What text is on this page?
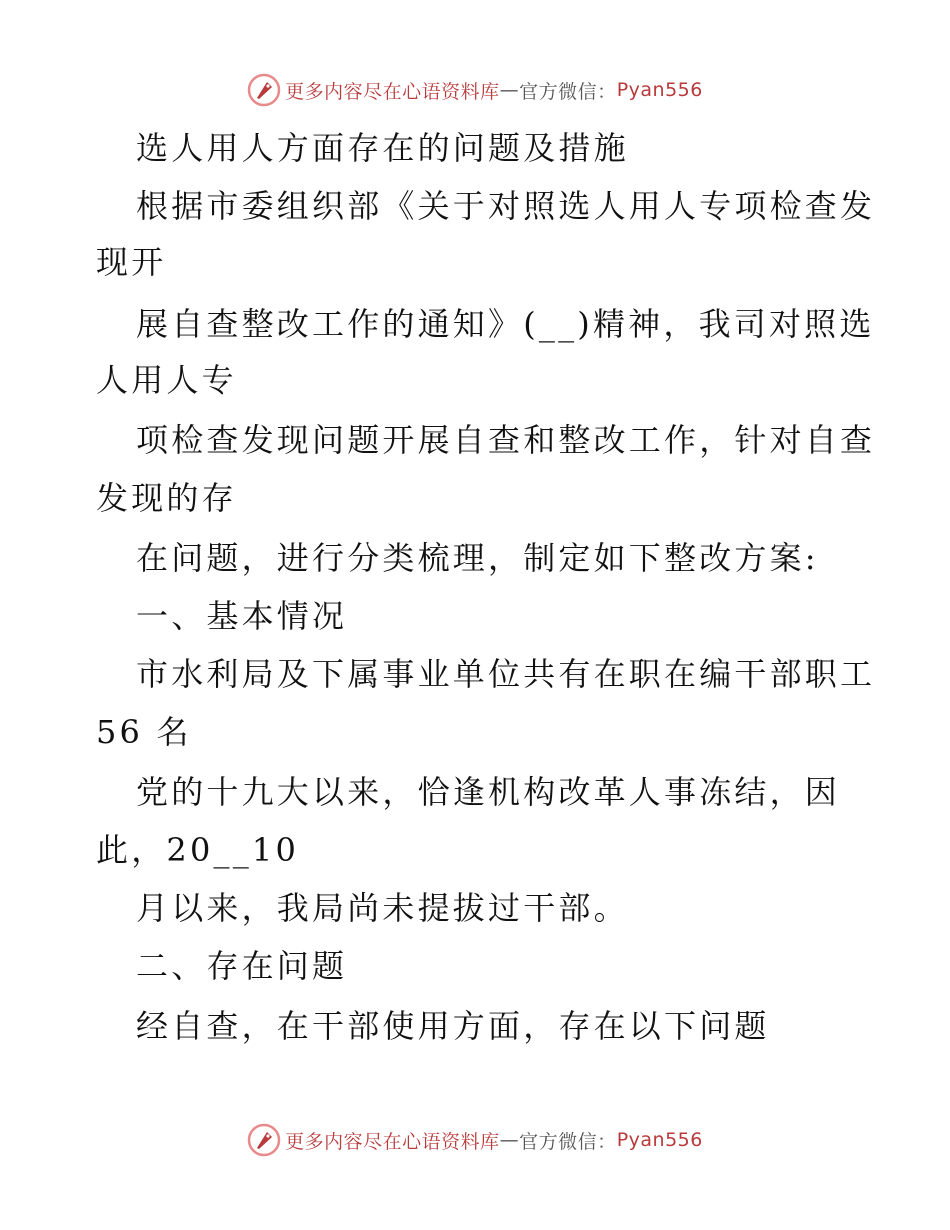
更多内容尽在心语资料库 — 官方微信： Pyan556
选人用人方面存在的问题及措施
根据市委组织部《关于对照选人用人专项检查发
现开
展自查整改工作的通知》(__)精神，我司对照选
人用人专
项检查发现问题开展自查和整改工作，针对自查
发现的存
在问题，进行分类梳理，制定如下整改方案:
一、基本情况
市水利局及下属事业单位共有在职在编干部职工
56 名
党的十九大以来，恰逢机构改革人事冻结，因
此，20__10
月以来，我局尚未提拔过干部。
二、存在问题
经自查，在干部使用方面，存在以下问题
更多内容尽在心语资料库 — 官方微信： Pyan556
